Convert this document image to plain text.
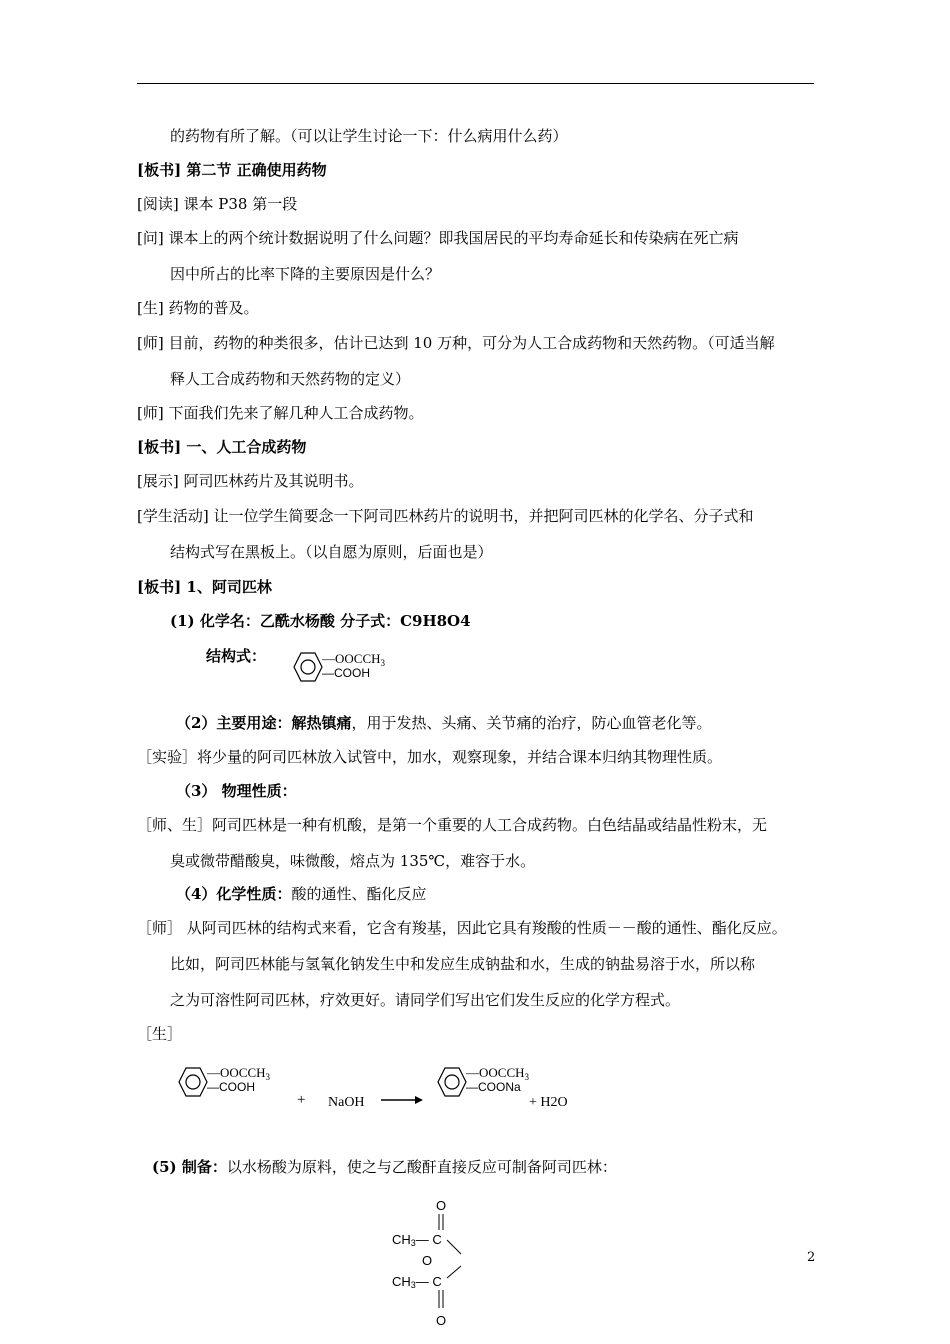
的药物有所了解。（可以让学生讨论一下：什么病用什么药）
[板书] 第二节 正确使用药物
[阅读] 课本 P38 第一段
[问] 课本上的两个统计数据说明了什么问题？即我国居民的平均寿命延长和传染病在死亡病
因中所占的比率下降的主要原因是什么？
[生] 药物的普及。
[师] 目前，药物的种类很多，估计已达到 10 万种，可分为人工合成药物和天然药物。（可适当解
释人工合成药物和天然药物的定义）
[师] 下面我们先来了解几种人工合成药物。
[板书] 一、人工合成药物
[展示] 阿司匹林药片及其说明书。
[学生活动] 让一位学生简要念一下阿司匹林药片的说明书，并把阿司匹林的化学名、分子式和
结构式写在黑板上。（以自愿为原则，后面也是）
[板书] 1、阿司匹林
(1) 化学名：乙酰水杨酸 分子式：C9H8O4
结构式：	$—OOCCH_3$
—COOH
（2）主要用途：解热镇痛，用于发热、头痛、关节痛的治疗，防心血管老化等。
［实验］将少量的阿司匹林放入试管中，加水，观察现象，并结合课本归纳其物理性质。
（3） 物理性质：
［师、生］阿司匹林是一种有机酸，是第一个重要的人工合成药物。白色结晶或结晶性粉末，无
臭或微带醋酸臭，味微酸，熔点为 135℃，难容于水。
（4）化学性质：酸的通性、酯化反应
［师］ 从阿司匹林的结构式来看，它含有羧基，因此它具有羧酸的性质－－酸的通性、酯化反应。
比如，阿司匹林能与氢氧化钠发生中和发应生成钠盐和水，生成的钠盐易溶于水，所以称
之为可溶性阿司匹林，疗效更好。请同学们写出它们发生反应的化学方程式。
［生］
$—OOCCH_3$
—COOH
+ NaOH
$—OOCCH_3$
—COONa
+ H2O
(5) 制备：以水杨酸为原料，使之与乙酸酐直接反应可制备阿司匹林：
O
CH3— C
O
CH3— C
O
2
